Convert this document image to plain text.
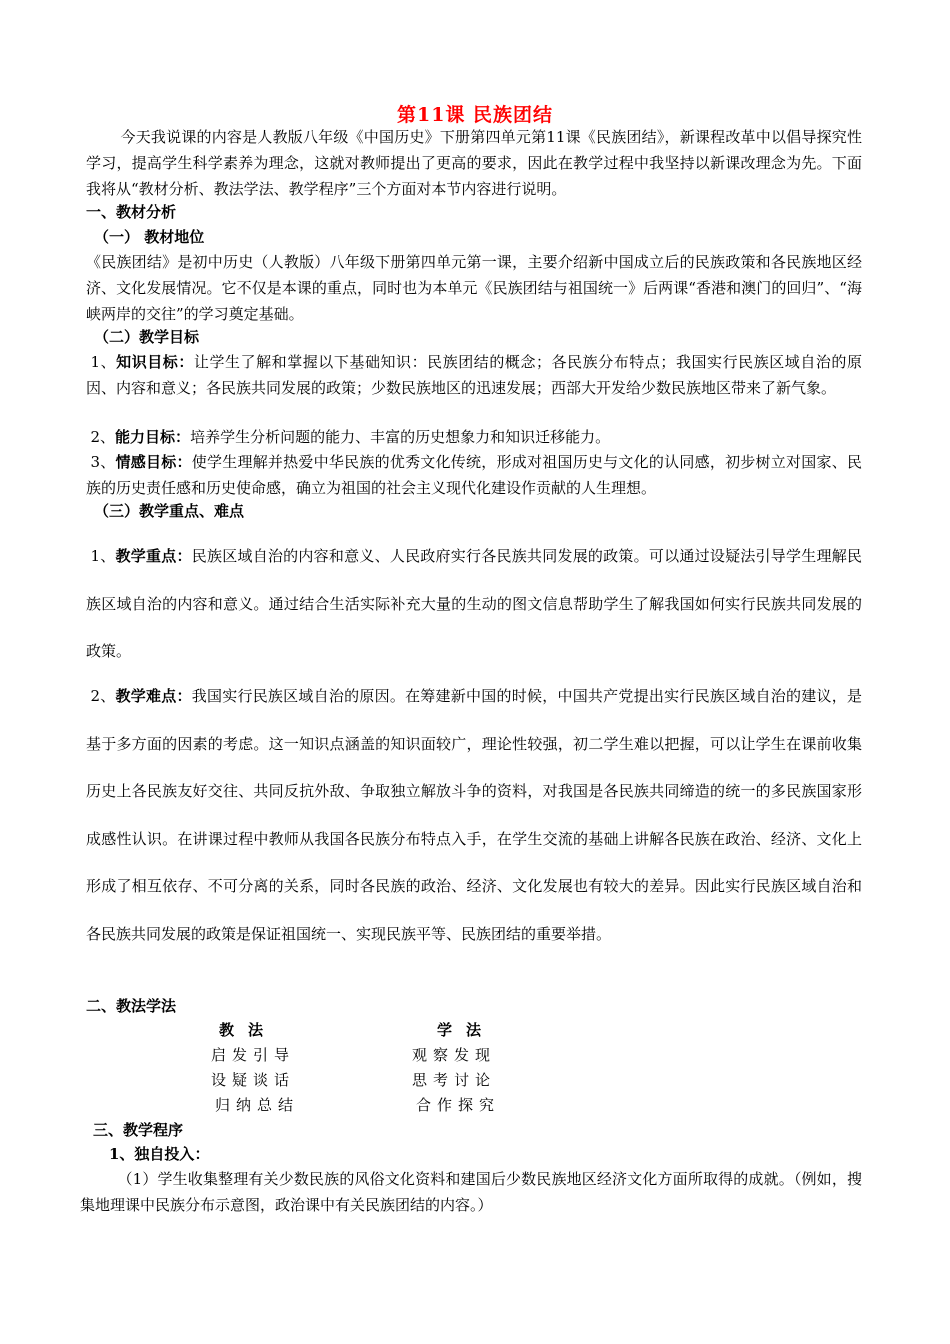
第11课 民族团结
今天我说课的内容是人教版八年级《中国历史》下册第四单元第11课《民族团结》，新课程改革中以倡导探究性学习，提高学生科学素养为理念，这就对教师提出了更高的要求，因此在教学过程中我坚持以新课改理念为先。下面我将从“教材分析、教法学法、教学程序”三个方面对本节内容进行说明。
一、教材分析
（一） 教材地位
《民族团结》是初中历史（人教版）八年级下册第四单元第一课，主要介绍新中国成立后的民族政策和各民族地区经济、文化发展情况。它不仅是本课的重点，同时也为本单元《民族团结与祖国统一》后两课“香港和澳门的回归”、“海峡两岸的交往”的学习奠定基础。
（二）教学目标
1、知识目标：让学生了解和掌握以下基础知识：民族团结的概念；各民族分布特点；我国实行民族区域自治的原因、内容和意义；各民族共同发展的政策；少数民族地区的迅速发展；西部大开发给少数民族地区带来了新气象。
2、能力目标：培养学生分析问题的能力、丰富的历史想象力和知识迁移能力。
3、情感目标：使学生理解并热爱中华民族的优秀文化传统，形成对祖国历史与文化的认同感，初步树立对国家、民族的历史责任感和历史使命感，确立为祖国的社会主义现代化建设作贡献的人生理想。
（三）教学重点、难点
1、教学重点：民族区域自治的内容和意义、人民政府实行各民族共同发展的政策。可以通过设疑法引导学生理解民族区域自治的内容和意义。通过结合生活实际补充大量的生动的图文信息帮助学生了解我国如何实行民族共同发展的政策。
2、教学难点：我国实行民族区域自治的原因。在筹建新中国的时候，中国共产党提出实行民族区域自治的建议，是基于多方面的因素的考虑。这一知识点涵盖的知识面较广，理论性较强，初二学生难以把握，可以让学生在课前收集历史上各民族友好交往、共同反抗外敌、争取独立解放斗争的资料，对我国是各民族共同缔造的统一的多民族国家形成感性认识。在讲课过程中教师从我国各民族分布特点入手，在学生交流的基础上讲解各民族在政治、经济、文化上形成了相互依存、不可分离的关系，同时各民族的政治、经济、文化发展也有较大的差异。因此实行民族区域自治和各民族共同发展的政策是保证祖国统一、实现民族平等、民族团结的重要举措。
二、教法学法
教法
启发引导
设疑谈话
归纳总结
学法
观察发现
思考讨论
合作探究
三、教学程序
1、独自投入：
（1）学生收集整理有关少数民族的风俗文化资料和建国后少数民族地区经济文化方面所取得的成就。（例如，搜集地理课中民族分布示意图，政治课中有关民族团结的内容。）
